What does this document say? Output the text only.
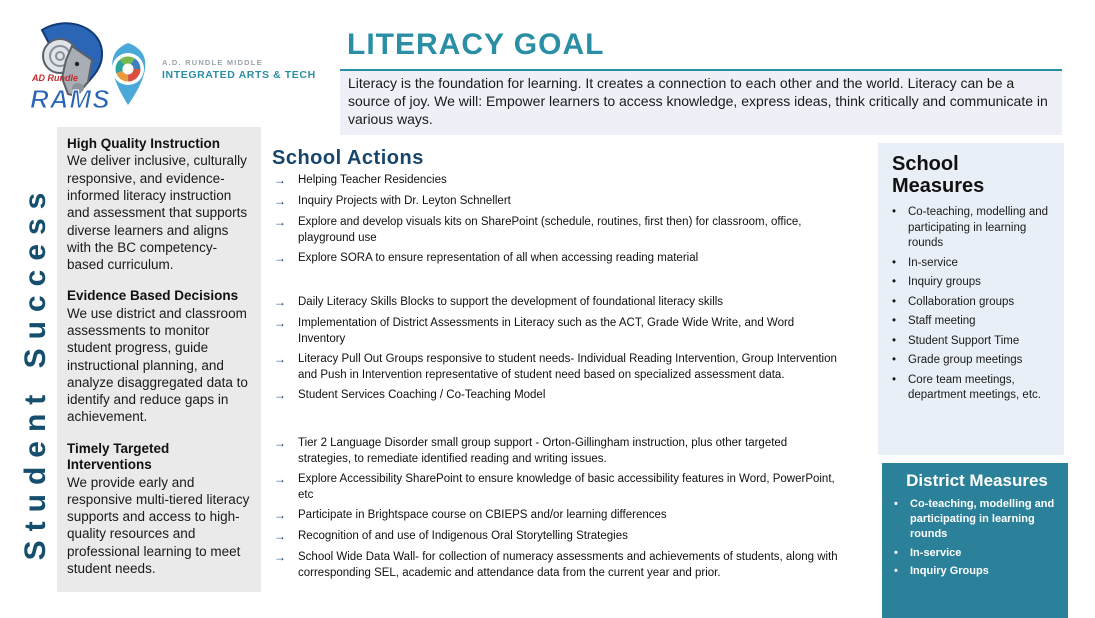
AD Rundle
RAMS
A.D. RUNDLE MIDDLE
INTEGRATED ARTS & TECH
LITERACY GOAL

Literacy is the foundation for learning. It creates a connection to each other and the world. Literacy can be a source of joy. We will: Empower learners to access knowledge, express ideas, think critically and communicate in various ways.

Student Success
High Quality Instruction

We deliver inclusive, culturally responsive, and evidence-informed literacy instruction and assessment that supports diverse learners and aligns with the BC competency-based curriculum.

Evidence Based Decisions

We use district and classroom assessments to monitor student progress, guide instructional planning, and analyze disaggregated data to identify and reduce gaps in achievement.

Timely Targeted Interventions

We provide early and responsive multi-tiered literacy supports and access to high-quality resources and professional learning to meet student needs.

School Actions
→	Helping Teacher Residencies
→	Inquiry Projects with Dr. Leyton Schnellert
→	Explore and develop visuals kits on SharePoint (schedule, routines, first then) for classroom, office, playground use
→	Explore SORA to ensure representation of all when accessing reading material
→	Daily Literacy Skills Blocks to support the development of foundational literacy skills
→	Implementation of District Assessments in Literacy such as the ACT, Grade Wide Write, and Word Inventory
→	Literacy Pull Out Groups responsive to student needs- Individual Reading Intervention, Group Intervention and Push in Intervention representative of student need based on specialized assessment data.
→	Student Services Coaching / Co-Teaching Model
→	Tier 2 Language Disorder small group support - Orton-Gillingham instruction, plus other targeted strategies, to remediate identified reading and writing issues.
→	Explore Accessibility SharePoint to ensure knowledge of basic accessibility features in Word, PowerPoint, etc
→	Participate in Brightspace course on CBIEPS and/or learning differences
→	Recognition of and use of Indigenous Oral Storytelling Strategies
→	School Wide Data Wall- for collection of numeracy assessments and achievements of students, along with corresponding SEL, academic and attendance data from the current year and prior.
School Measures
•	Co-teaching, modelling and participating in learning rounds
•	In-service
•	Inquiry groups
•	Collaboration groups
•	Staff meeting
•	Student Support Time
•	Grade group meetings
•	Core team meetings, department meetings, etc.
District Measures
•	Co-teaching, modelling and participating in learning rounds
•	In-service
•	Inquiry Groups
